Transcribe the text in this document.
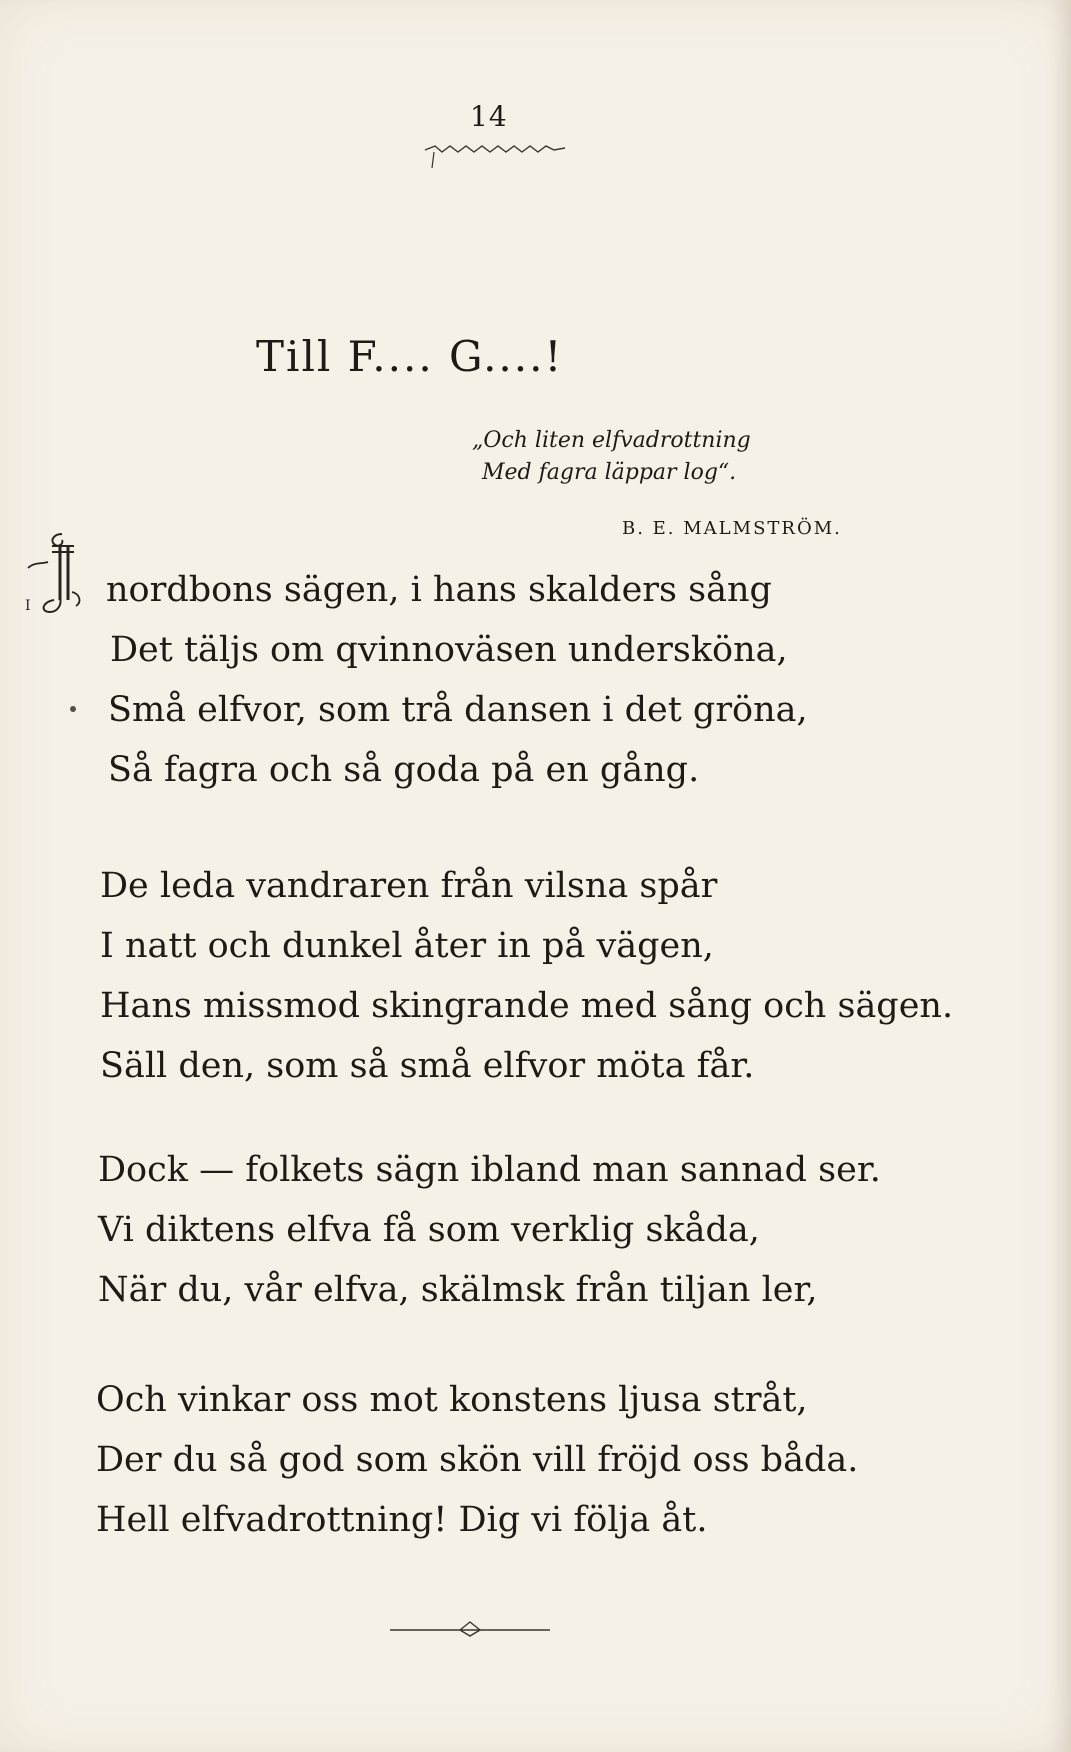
14
Till F.... G....!
„Och liten elfvadrottning
Med fagra läppar log“.
B. E. MALMSTRÖM.
I nordbons sägen, i hans skalders sång
Det täljs om qvinnoväsen undersköna,
Små elfvor, som trå dansen i det gröna,
Så fagra och så goda på en gång.
De leda vandraren från vilsna spår
I natt och dunkel åter in på vägen,
Hans missmod skingrande med sång och sägen.
Säll den, som så små elfvor möta får.
Dock — folkets sägn ibland man sannad ser.
Vi diktens elfva få som verklig skåda,
När du, vår elfva, skälmsk från tiljan ler,
Och vinkar oss mot konstens ljusa stråt,
Der du så god som skön vill fröjd oss båda.
Hell elfvadrottning! Dig vi följa åt.
